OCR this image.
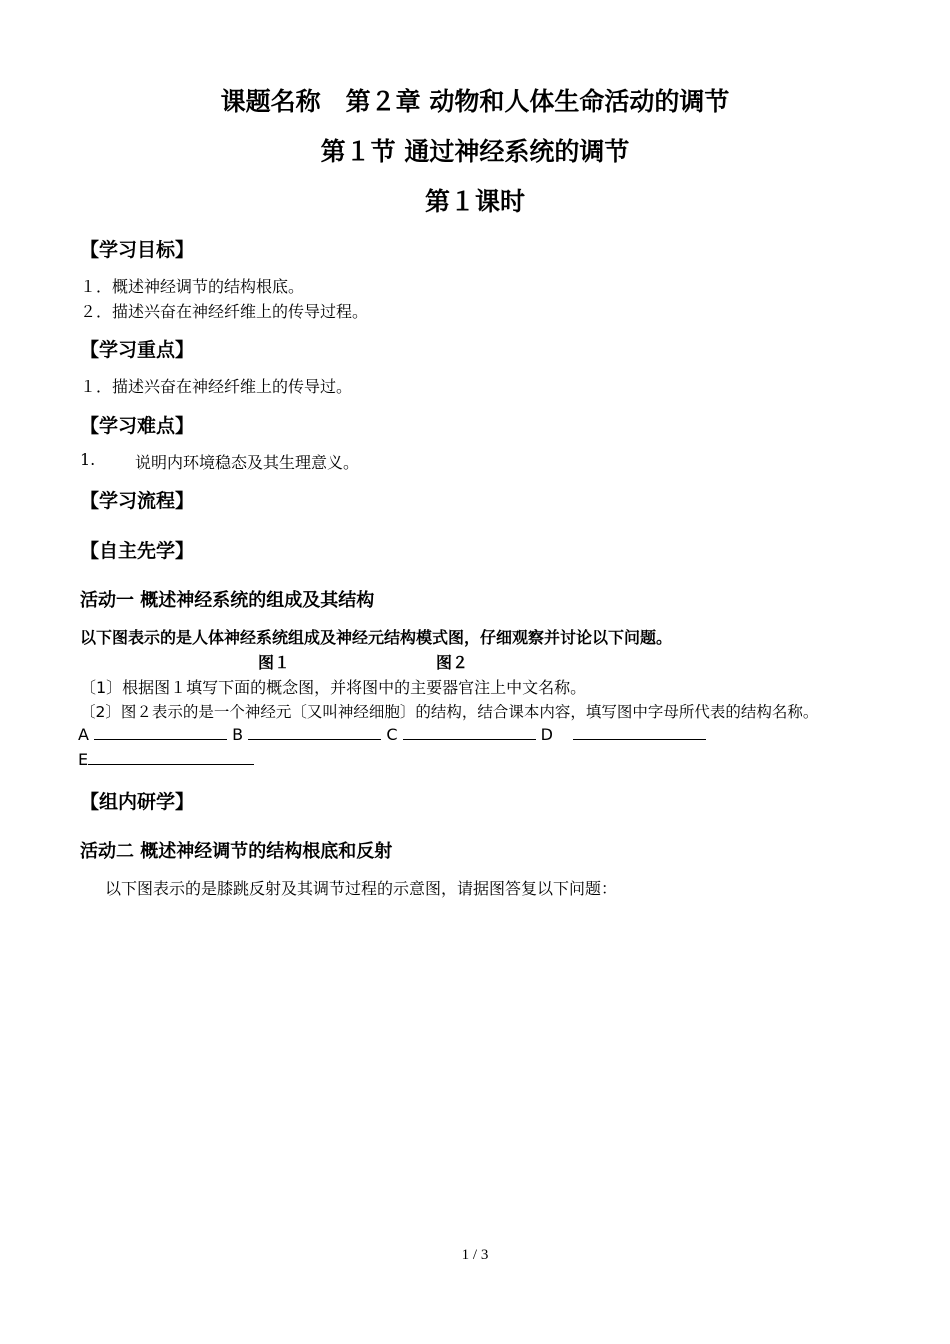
课题名称　第２章 动物和人体生命活动的调节
第１节 通过神经系统的调节
第１课时
【学习目标】
１．概述神经调节的结构根底。
２．描述兴奋在神经纤维上的传导过程。
【学习重点】
１．描述兴奋在神经纤维上的传导过。
【学习难点】
1. 说明内环境稳态及其生理意义。
【学习流程】
【自主先学】
活动一 概述神经系统的组成及其结构
以下图表示的是人体神经系统组成及神经元结构模式图，仔细观察并讨论以下问题。
图１	图２
〔1〕根据图１填写下面的概念图，并将图中的主要器官注上中文名称。
〔2〕图２表示的是一个神经元〔又叫神经细胞〕的结构，结合课本内容，填写图中字母所代表的结构名称。
A	B	C	D
E
【组内研学】
活动二 概述神经调节的结构根底和反射
以下图表示的是膝跳反射及其调节过程的示意图，请据图答复以下问题：
1 / 3
